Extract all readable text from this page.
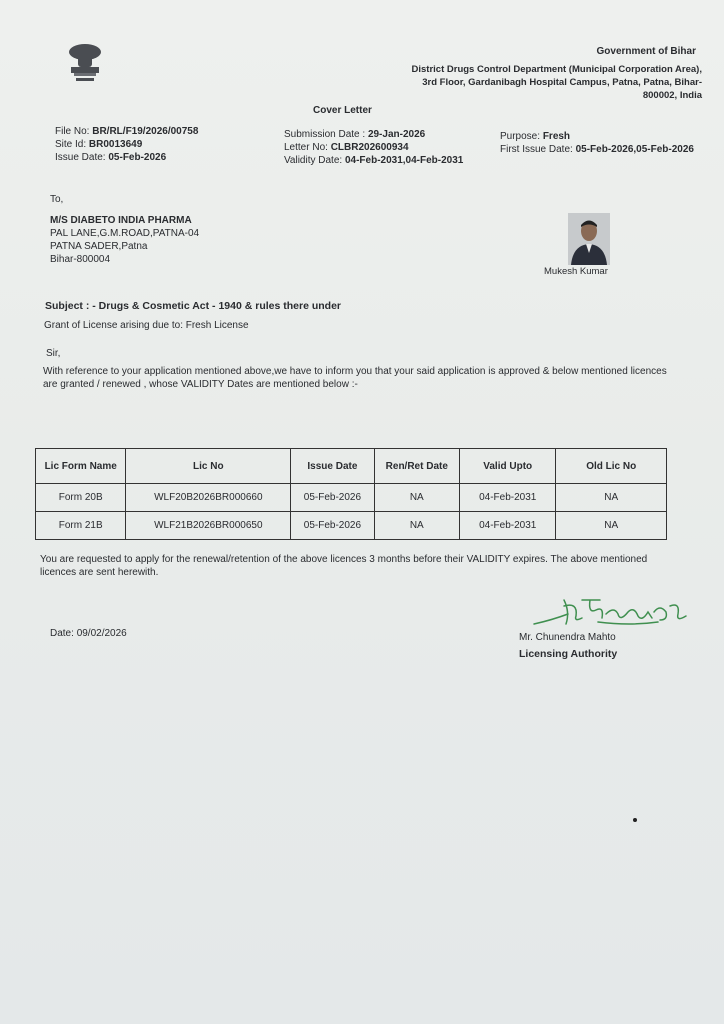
Government of Bihar
District Drugs Control Department (Municipal Corporation Area), 3rd Floor, Gardanibagh Hospital Campus, Patna, Patna, Bihar-800002, India
Cover Letter
File No: BR/RL/F19/2026/00758
Site Id: BR0013649
Issue Date: 05-Feb-2026
Submission Date : 29-Jan-2026
Letter No: CLBR202600934
Validity Date: 04-Feb-2031,04-Feb-2031
Purpose: Fresh
First Issue Date: 05-Feb-2026,05-Feb-2026
To,
M/S DIABETO INDIA PHARMA
PAL LANE,G.M.ROAD,PATNA-04
PATNA SADER,Patna
Bihar-800004
Mukesh Kumar
Subject : - Drugs & Cosmetic Act - 1940 & rules there under
Grant of License arising due to: Fresh License
Sir,
With reference to your application mentioned above,we have to inform you that your said application is approved & below mentioned licences are granted / renewed , whose VALIDITY Dates are mentioned below :-
Lic Form Name	Lic No	Issue Date	Ren/Ret Date	Valid Upto	Old Lic No
Form 20B	WLF20B2026BR000660	05-Feb-2026	NA	04-Feb-2031	NA
Form 21B	WLF21B2026BR000650	05-Feb-2026	NA	04-Feb-2031	NA
You are requested to apply for the renewal/retention of the above licences 3 months before their VALIDITY expires. The above mentioned licences are sent herewith.
Date: 09/02/2026	Mr. Chunendra Mahto
Licensing Authority
